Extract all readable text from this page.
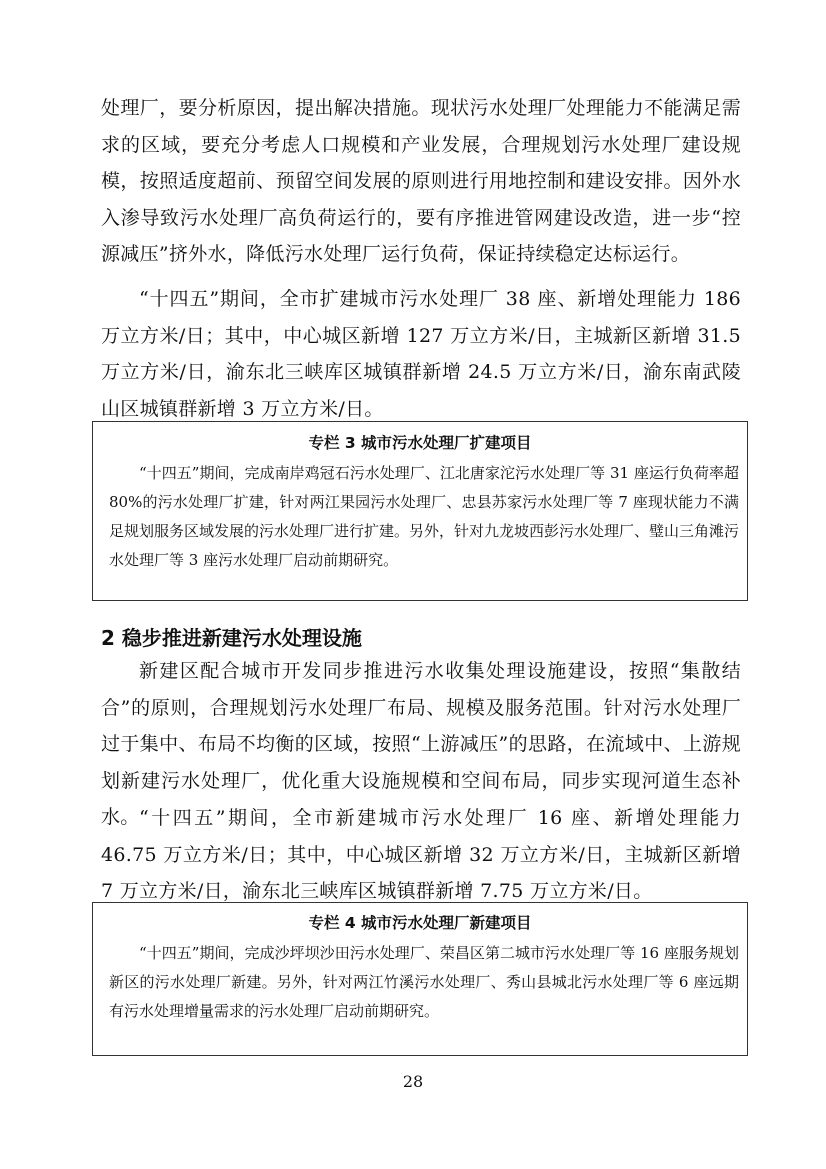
处理厂，要分析原因，提出解决措施。现状污水处理厂处理能力不能满足需求的区域，要充分考虑人口规模和产业发展，合理规划污水处理厂建设规模，按照适度超前、预留空间发展的原则进行用地控制和建设安排。因外水入渗导致污水处理厂高负荷运行的，要有序推进管网建设改造，进一步“控源减压”挤外水，降低污水处理厂运行负荷，保证持续稳定达标运行。

“十四五”期间，全市扩建城市污水处理厂 38 座、新增处理能力 186 万立方米/日；其中，中心城区新增 127 万立方米/日，主城新区新增 31.5 万立方米/日，渝东北三峡库区城镇群新增 24.5 万立方米/日，渝东南武陵山区城镇群新增 3 万立方米/日。

专栏 3 城市污水处理厂扩建项目

“十四五”期间，完成南岸鸡冠石污水处理厂、江北唐家沱污水处理厂等 31 座运行负荷率超 80%的污水处理厂扩建，针对两江果园污水处理厂、忠县苏家污水处理厂等 7 座现状能力不满足规划服务区域发展的污水处理厂进行扩建。另外，针对九龙坡西彭污水处理厂、璧山三角滩污水处理厂等 3 座污水处理厂启动前期研究。

2 稳步推进新建污水处理设施

新建区配合城市开发同步推进污水收集处理设施建设，按照“集散结合”的原则，合理规划污水处理厂布局、规模及服务范围。针对污水处理厂过于集中、布局不均衡的区域，按照“上游减压”的思路，在流域中、上游规划新建污水处理厂，优化重大设施规模和空间布局，同步实现河道生态补水。 “十四五”期间，全市新建城市污水处理厂 16 座、新增处理能力 46.75 万立方米/日；其中，中心城区新增 32 万立方米/日，主城新区新增 7 万立方米/日，渝东北三峡库区城镇群新增 7.75 万立方米/日。

专栏 4 城市污水处理厂新建项目

“十四五”期间，完成沙坪坝沙田污水处理厂、荣昌区第二城市污水处理厂等 16 座服务规划新区的污水处理厂新建。另外，针对两江竹溪污水处理厂、秀山县城北污水处理厂等 6 座远期有污水处理增量需求的污水处理厂启动前期研究。

28
